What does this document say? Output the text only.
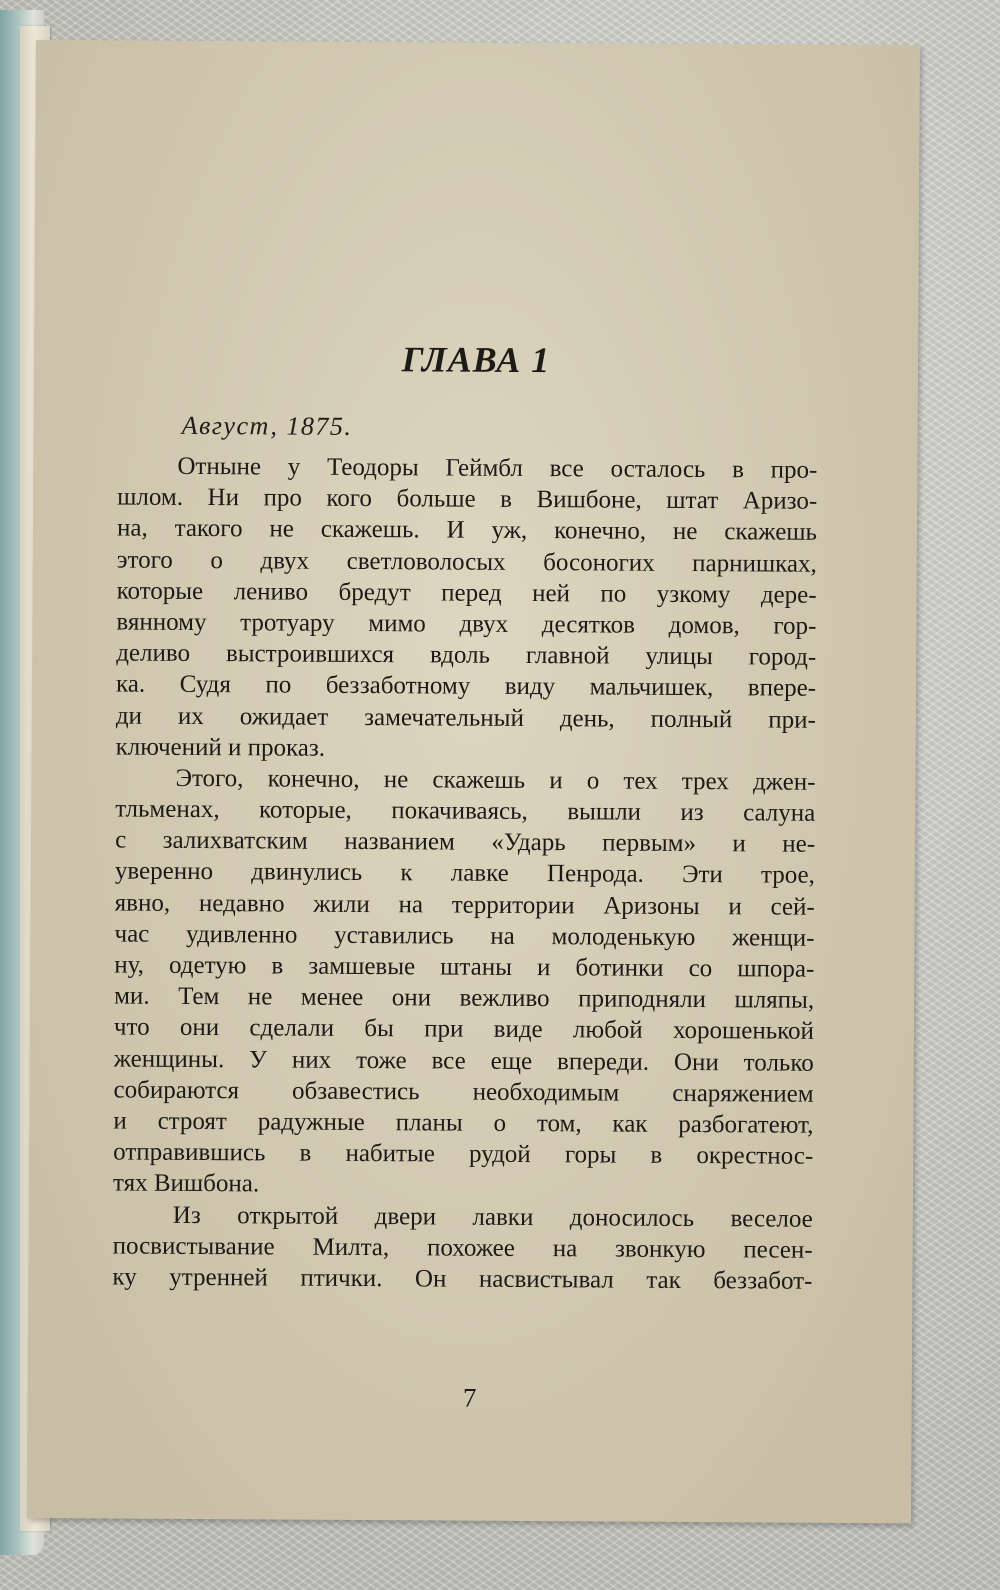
ГЛАВА 1
Август, 1875.
Отныне у Теодоры Геймбл все осталось в про-
шлом. Ни про кого больше в Вишбоне, штат Аризо-
на, такого не скажешь. И уж, конечно, не скажешь
этого о двух светловолосых босоногих парнишках,
которые лениво бредут перед ней по узкому дере-
вянному тротуару мимо двух десятков домов, гор-
деливо выстроившихся вдоль главной улицы город-
ка. Судя по беззаботному виду мальчишек, впере-
ди их ожидает замечательный день, полный при-
ключений и проказ.
Этого, конечно, не скажешь и о тех трех джен-
тльменах, которые, покачиваясь, вышли из салуна
с залихватским названием «Ударь первым» и не-
уверенно двинулись к лавке Пенрода. Эти трое,
явно, недавно жили на территории Аризоны и сей-
час удивленно уставились на молоденькую женщи-
ну, одетую в замшевые штаны и ботинки со шпора-
ми. Тем не менее они вежливо приподняли шляпы,
что они сделали бы при виде любой хорошенькой
женщины. У них тоже все еще впереди. Они только
собираются обзавестись необходимым снаряжением
и строят радужные планы о том, как разбогатеют,
отправившись в набитые рудой горы в окрестнос-
тях Вишбона.
Из открытой двери лавки доносилось веселое
посвистывание Милта, похожее на звонкую песен-
ку утренней птички. Он насвистывал так беззабот-
7
